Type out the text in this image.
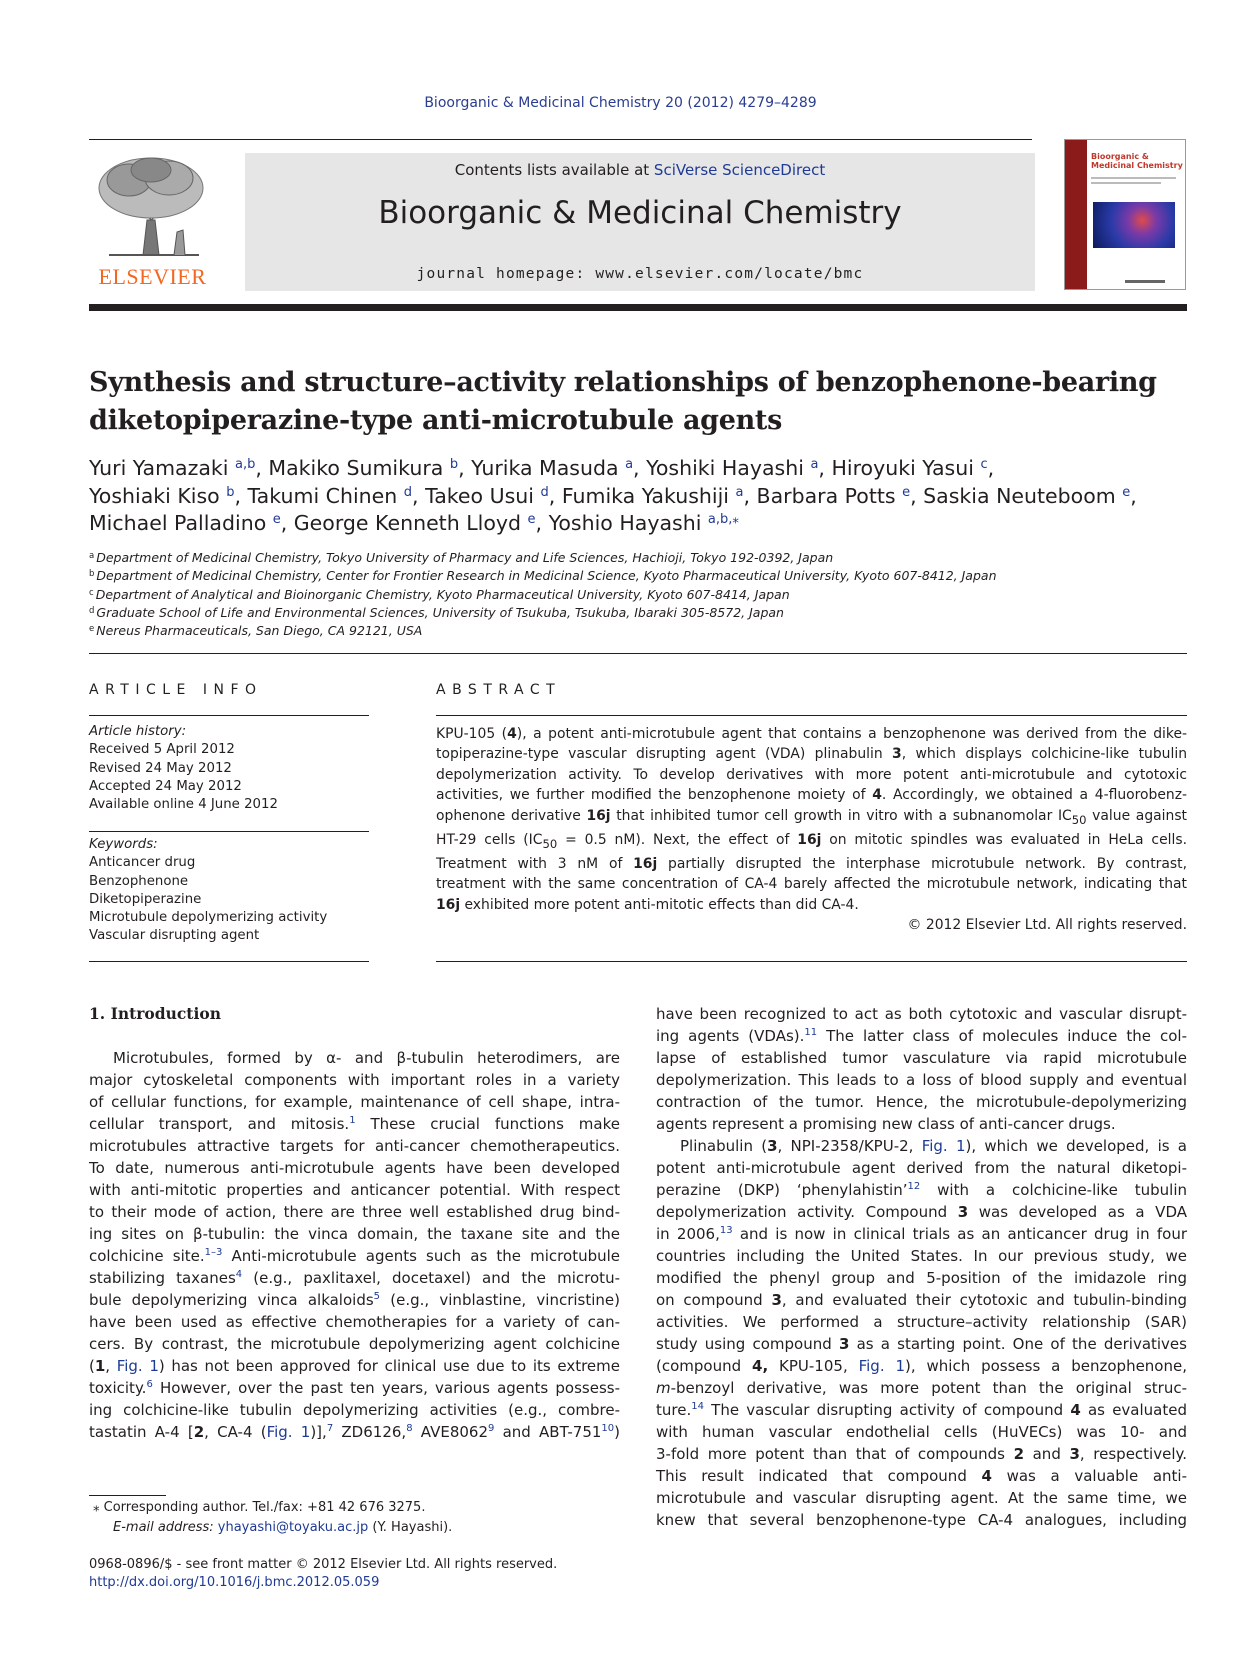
Bioorganic & Medicinal Chemistry 20 (2012) 4279–4289
ELSEVIER
Contents lists available at SciVerse ScienceDirect
Bioorganic & Medicinal Chemistry
journal homepage: www.elsevier.com/locate/bmc
Bioorganic & Medicinal Chemistry
Synthesis and structure–activity relationships of benzophenone-bearing
diketopiperazine-type anti-microtubule agents
Yuri Yamazaki $^{a,b}$, Makiko Sumikura $^b$, Yurika Masuda $^a$, Yoshiki Hayashi $^a$, Hiroyuki Yasui $^c$,
Yoshiaki Kiso $^b$, Takumi Chinen $^d$, Takeo Usui $^d$, Fumika Yakushiji $^a$, Barbara Potts $^e$, Saskia Neuteboom $^e$,
Michael Palladino $^e$, George Kenneth Lloyd $^e$, Yoshio Hayashi $^{a,b,⁎}$
$^a$ Department of Medicinal Chemistry, Tokyo University of Pharmacy and Life Sciences, Hachioji, Tokyo 192-0392, Japan
$^b$ Department of Medicinal Chemistry, Center for Frontier Research in Medicinal Science, Kyoto Pharmaceutical University, Kyoto 607-8412, Japan
$^c$ Department of Analytical and Bioinorganic Chemistry, Kyoto Pharmaceutical University, Kyoto 607-8414, Japan
$^d$ Graduate School of Life and Environmental Sciences, University of Tsukuba, Tsukuba, Ibaraki 305-8572, Japan
$^e$ Nereus Pharmaceuticals, San Diego, CA 92121, USA
ARTICLE INFO	ABSTRACT
Article history:
Received 5 April 2012
Revised 24 May 2012
Accepted 24 May 2012
Available online 4 June 2012
Keywords:
Anticancer drug
Benzophenone
Diketopiperazine
Microtubule depolymerizing activity
Vascular disrupting agent
KPU-105 (4), a potent anti-microtubule agent that contains a benzophenone was derived from the dike-
topiperazine-type vascular disrupting agent (VDA) plinabulin 3, which displays colchicine-like tubulin
depolymerization activity. To develop derivatives with more potent anti-microtubule and cytotoxic
activities, we further modified the benzophenone moiety of 4. Accordingly, we obtained a 4-fluorobenz-
ophenone derivative 16j that inhibited tumor cell growth in vitro with a subnanomolar $IC_{50}$ value against
HT-29 cells ($IC_{50} = 0.5$ nM). Next, the effect of 16j on mitotic spindles was evaluated in HeLa cells.
Treatment with 3 nM of 16j partially disrupted the interphase microtubule network. By contrast,
treatment with the same concentration of CA-4 barely affected the microtubule network, indicating that
16j exhibited more potent anti-mitotic effects than did CA-4.
© 2012 Elsevier Ltd. All rights reserved.
1. Introduction
Microtubules, formed by α- and β-tubulin heterodimers, are
major cytoskeletal components with important roles in a variety
of cellular functions, for example, maintenance of cell shape, intra-
cellular transport, and mitosis.$^1$ These crucial functions make
microtubules attractive targets for anti-cancer chemotherapeutics.
To date, numerous anti-microtubule agents have been developed
with anti-mitotic properties and anticancer potential. With respect
to their mode of action, there are three well established drug bind-
ing sites on β-tubulin: the vinca domain, the taxane site and the
colchicine site.$^{1-3}$ Anti-microtubule agents such as the microtubule
stabilizing taxanes$^4$ (e.g., paxlitaxel, docetaxel) and the microtu-
bule depolymerizing vinca alkaloids$^5$ (e.g., vinblastine, vincristine)
have been used as effective chemotherapies for a variety of can-
cers. By contrast, the microtubule depolymerizing agent colchicine
(1, Fig. 1) has not been approved for clinical use due to its extreme
toxicity.$^6$ However, over the past ten years, various agents possess-
ing colchicine-like tubulin depolymerizing activities (e.g., combre-
tastatin A-4 [2, CA-4 (Fig. 1)],$^7$ ZD6126,$^8$ AVE8062$^9$ and ABT-$751^{10}$)
have been recognized to act as both cytotoxic and vascular disrupt-
ing agents (VDAs).$^{11}$ The latter class of molecules induce the col-
lapse of established tumor vasculature via rapid microtubule
depolymerization. This leads to a loss of blood supply and eventual
contraction of the tumor. Hence, the microtubule-depolymerizing
agents represent a promising new class of anti-cancer drugs.
Plinabulin (3, NPI-2358/KPU-2, Fig. 1), which we developed, is a
potent anti-microtubule agent derived from the natural diketopi-
perazine (DKP) ‘phenylahistin’$^{12}$ with a colchicine-like tubulin
depolymerization activity. Compound 3 was developed as a VDA
in 2006,13 and is now in clinical trials as an anticancer drug in four
countries including the United States. In our previous study, we
modified the phenyl group and 5-position of the imidazole ring
on compound 3, and evaluated their cytotoxic and tubulin-binding
activities. We performed a structure–activity relationship (SAR)
study using compound 3 as a starting point. One of the derivatives
(compound 4, KPU-105, Fig. 1), which possess a benzophenone,
m-benzoyl derivative, was more potent than the original struc-
ture.$^{14}$ The vascular disrupting activity of compound 4 as evaluated
with human vascular endothelial cells (HuVECs) was 10- and
3-fold more potent than that of compounds 2 and 3, respectively.
This result indicated that compound 4 was a valuable anti-
microtubule and vascular disrupting agent. At the same time, we
knew that several benzophenone-type CA-4 analogues, including
⁎ Corresponding author. Tel./fax: +81 42 676 3275.
E-mail address: yhayashi@toyaku.ac.jp (Y. Hayashi).
0968-0896/$ - see front matter © 2012 Elsevier Ltd. All rights reserved.
http://dx.doi.org/10.1016/j.bmc.2012.05.059
